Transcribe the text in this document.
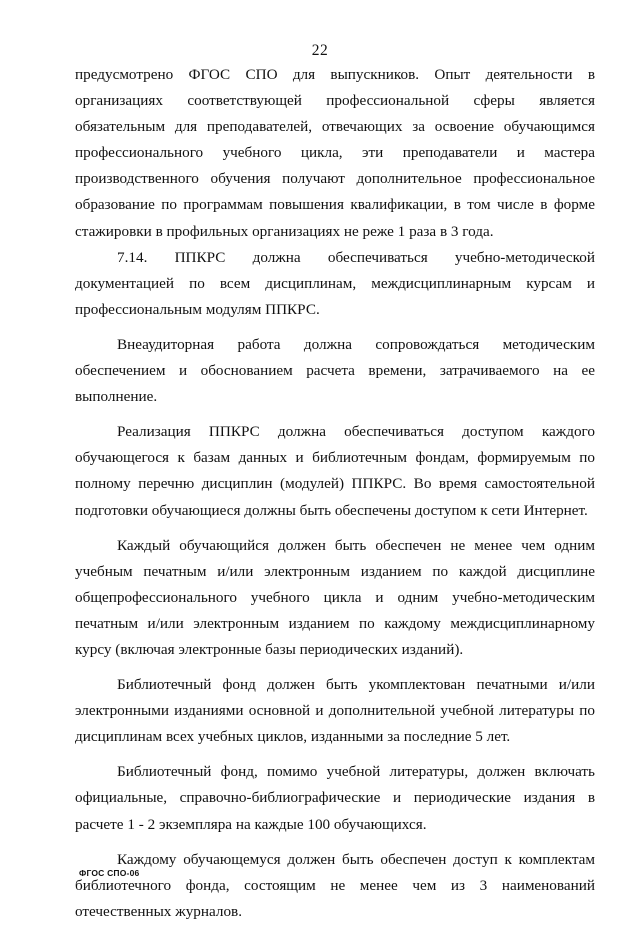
22

предусмотрено ФГОС СПО для выпускников. Опыт деятельности в организациях соответствующей профессиональной сферы является обязательным для преподавателей, отвечающих за освоение обучающимся профессионального учебного цикла, эти преподаватели и мастера производственного обучения получают дополнительное профессиональное образование по программам повышения квалификации, в том числе в форме стажировки в профильных организациях не реже 1 раза в 3 года.

7.14. ППКРС должна обеспечиваться учебно-методической документацией по всем дисциплинам, междисциплинарным курсам и профессиональным модулям ППКРС.

Внеаудиторная работа должна сопровождаться методическим обеспечением и обоснованием расчета времени, затрачиваемого на ее выполнение.

Реализация ППКРС должна обеспечиваться доступом каждого обучающегося к базам данных и библиотечным фондам, формируемым по полному перечню дисциплин (модулей) ППКРС. Во время самостоятельной подготовки обучающиеся должны быть обеспечены доступом к сети Интернет.

Каждый обучающийся должен быть обеспечен не менее чем одним учебным печатным и/или электронным изданием по каждой дисциплине общепрофессионального учебного цикла и одним учебно-методическим печатным и/или электронным изданием по каждому междисциплинарному курсу (включая электронные базы периодических изданий).

Библиотечный фонд должен быть укомплектован печатными и/или электронными изданиями основной и дополнительной учебной литературы по дисциплинам всех учебных циклов, изданными за последние 5 лет.

Библиотечный фонд, помимо учебной литературы, должен включать официальные, справочно-библиографические и периодические издания в расчете 1 - 2 экземпляра на каждые 100 обучающихся.

Каждому обучающемуся должен быть обеспечен доступ к комплектам библиотечного фонда, состоящим не менее чем из 3 наименований отечественных журналов.

ФГОС СПО-06
